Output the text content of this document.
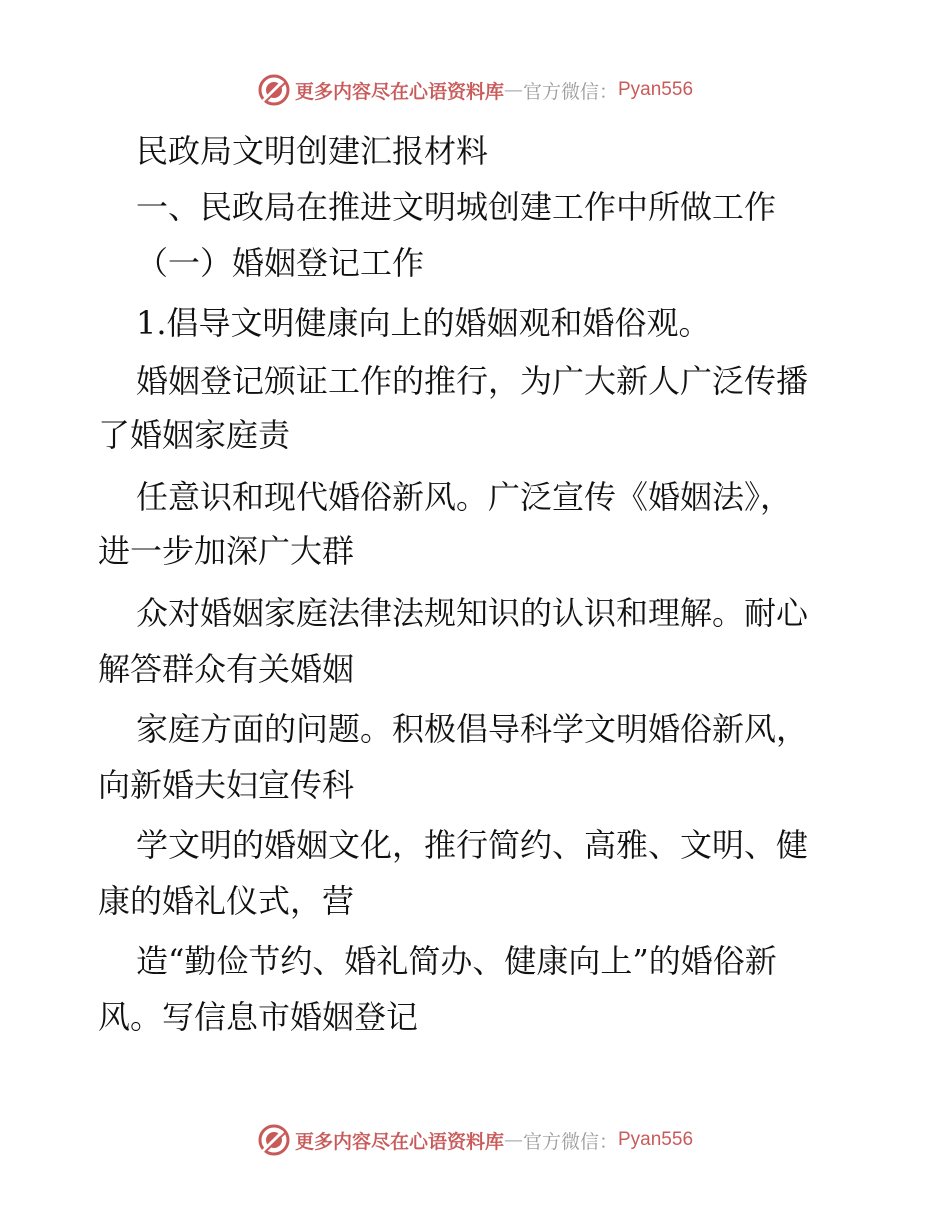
更多内容尽在心语资料库 — 官方微信： Pyan556
民政局文明创建汇报材料
一、民政局在推进文明城创建工作中所做工作
（一）婚姻登记工作
1.倡导文明健康向上的婚姻观和婚俗观。
婚姻登记颁证工作的推行，为广大新人广泛传播
了婚姻家庭责
任意识和现代婚俗新风。广泛宣传《婚姻法》，
进一步加深广大群
众对婚姻家庭法律法规知识的认识和理解。耐心
解答群众有关婚姻
家庭方面的问题。积极倡导科学文明婚俗新风，
向新婚夫妇宣传科
学文明的婚姻文化，推行简约、高雅、文明、健
康的婚礼仪式，营
造“勤俭节约、婚礼简办、健康向上”的婚俗新
风。写信息市婚姻登记
更多内容尽在心语资料库 — 官方微信： Pyan556
